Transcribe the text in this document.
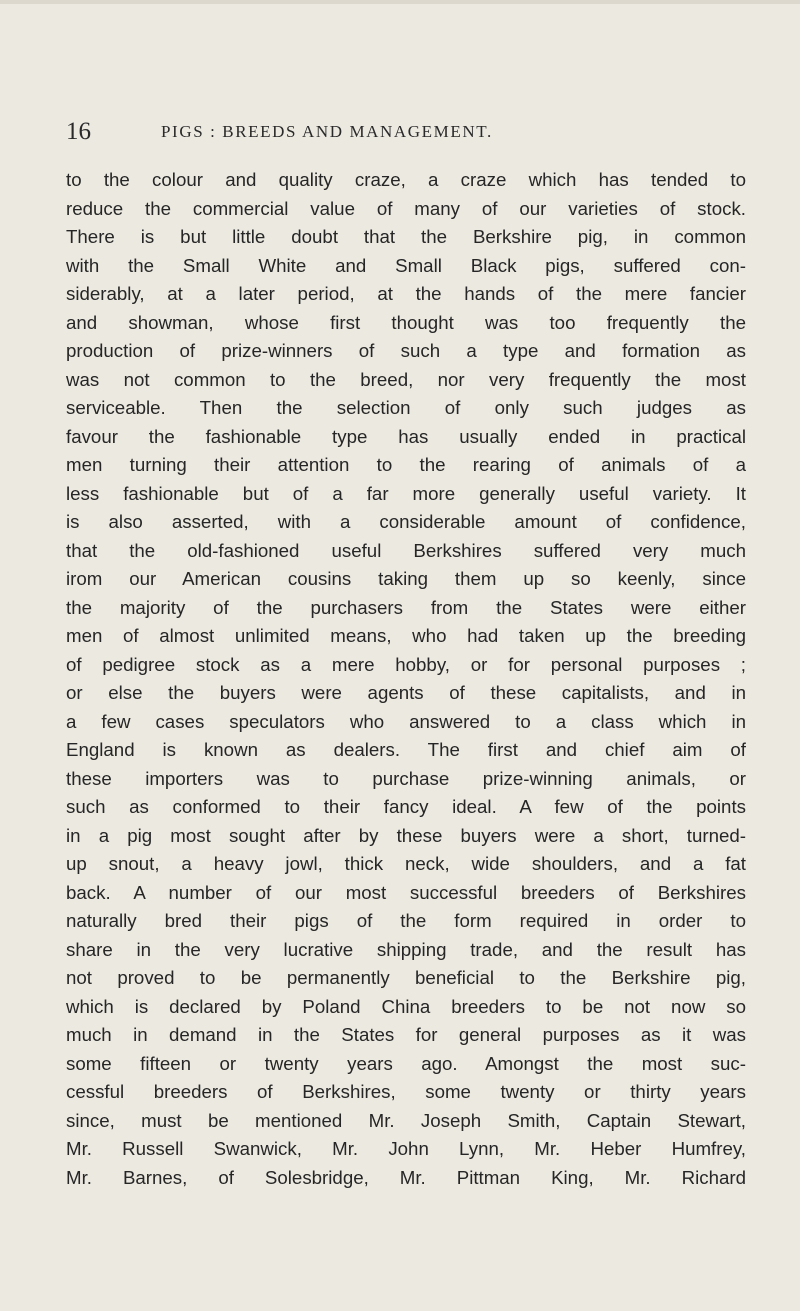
16	PIGS : BREEDS AND MANAGEMENT.
to the colour and quality craze, a craze which has tended to
reduce the commercial value of many of our varieties of stock.
There is but little doubt that the Berkshire pig, in common
with the Small White and Small Black pigs, suffered con-
siderably, at a later period, at the hands of the mere fancier
and showman, whose first thought was too frequently the
production of prize-winners of such a type and formation as
was not common to the breed, nor very frequently the most
serviceable. Then the selection of only such judges as
favour the fashionable type has usually ended in practical
men turning their attention to the rearing of animals of a
less fashionable but of a far more generally useful variety. It
is also asserted, with a considerable amount of confidence,
that the old-fashioned useful Berkshires suffered very much
irom our American cousins taking them up so keenly, since
the majority of the purchasers from the States were either
men of almost unlimited means, who had taken up the breeding
of pedigree stock as a mere hobby, or for personal purposes ;
or else the buyers were agents of these capitalists, and in
a few cases speculators who answered to a class which in
England is known as dealers. The first and chief aim of
these importers was to purchase prize-winning animals, or
such as conformed to their fancy ideal. A few of the points
in a pig most sought after by these buyers were a short, turned-
up snout, a heavy jowl, thick neck, wide shoulders, and a fat
back. A number of our most successful breeders of Berkshires
naturally bred their pigs of the form required in order to
share in the very lucrative shipping trade, and the result has
not proved to be permanently beneficial to the Berkshire pig,
which is declared by Poland China breeders to be not now so
much in demand in the States for general purposes as it was
some fifteen or twenty years ago. Amongst the most suc-
cessful breeders of Berkshires, some twenty or thirty years
since, must be mentioned Mr. Joseph Smith, Captain Stewart,
Mr. Russell Swanwick, Mr. John Lynn, Mr. Heber Humfrey,
Mr. Barnes, of Solesbridge, Mr. Pittman King, Mr. Richard
